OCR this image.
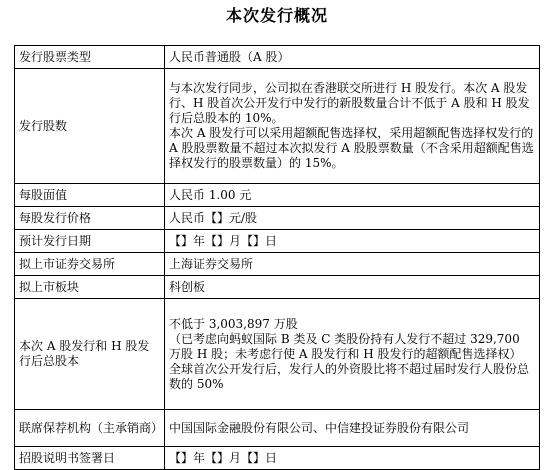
本次发行概况
发行股票类型	人民币普通股（A 股）

发行股数	与本次发行同步，公司拟在香港联交所进行 H 股发行。本次 A 股发行、H 股首次公开发行中发行的新股数量合计不低于 A 股和 H 股发行后总股本的 10%。
本次 A 股发行可以采用超额配售选择权，采用超额配售选择权发行的 A 股股票数量不超过本次拟发行 A 股股票数量（不含采用超额配售选择权发行的股票数量）的 15%。

每股面值	人民币 1.00 元

每股发行价格	人民币【】元/股

预计发行日期	【】年【】月【】日

拟上市证券交易所	上海证券交易所

拟上市板块	科创板

本次 A 股发行和 H 股发行后总股本	不低于 3,003,897 万股
（已考虑向蚂蚁国际 B 类及 C 类股份持有人发行不超过 329,700 万股 H 股；未考虑行使 A 股发行和 H 股发行的超额配售选择权）
全球首次公开发行后，发行人的外资股比将不超过届时发行人股份总数的 50%

联席保荐机构（主承销商）	中国国际金融股份有限公司、中信建投证券股份有限公司

招股说明书签署日	【】年【】月【】日
